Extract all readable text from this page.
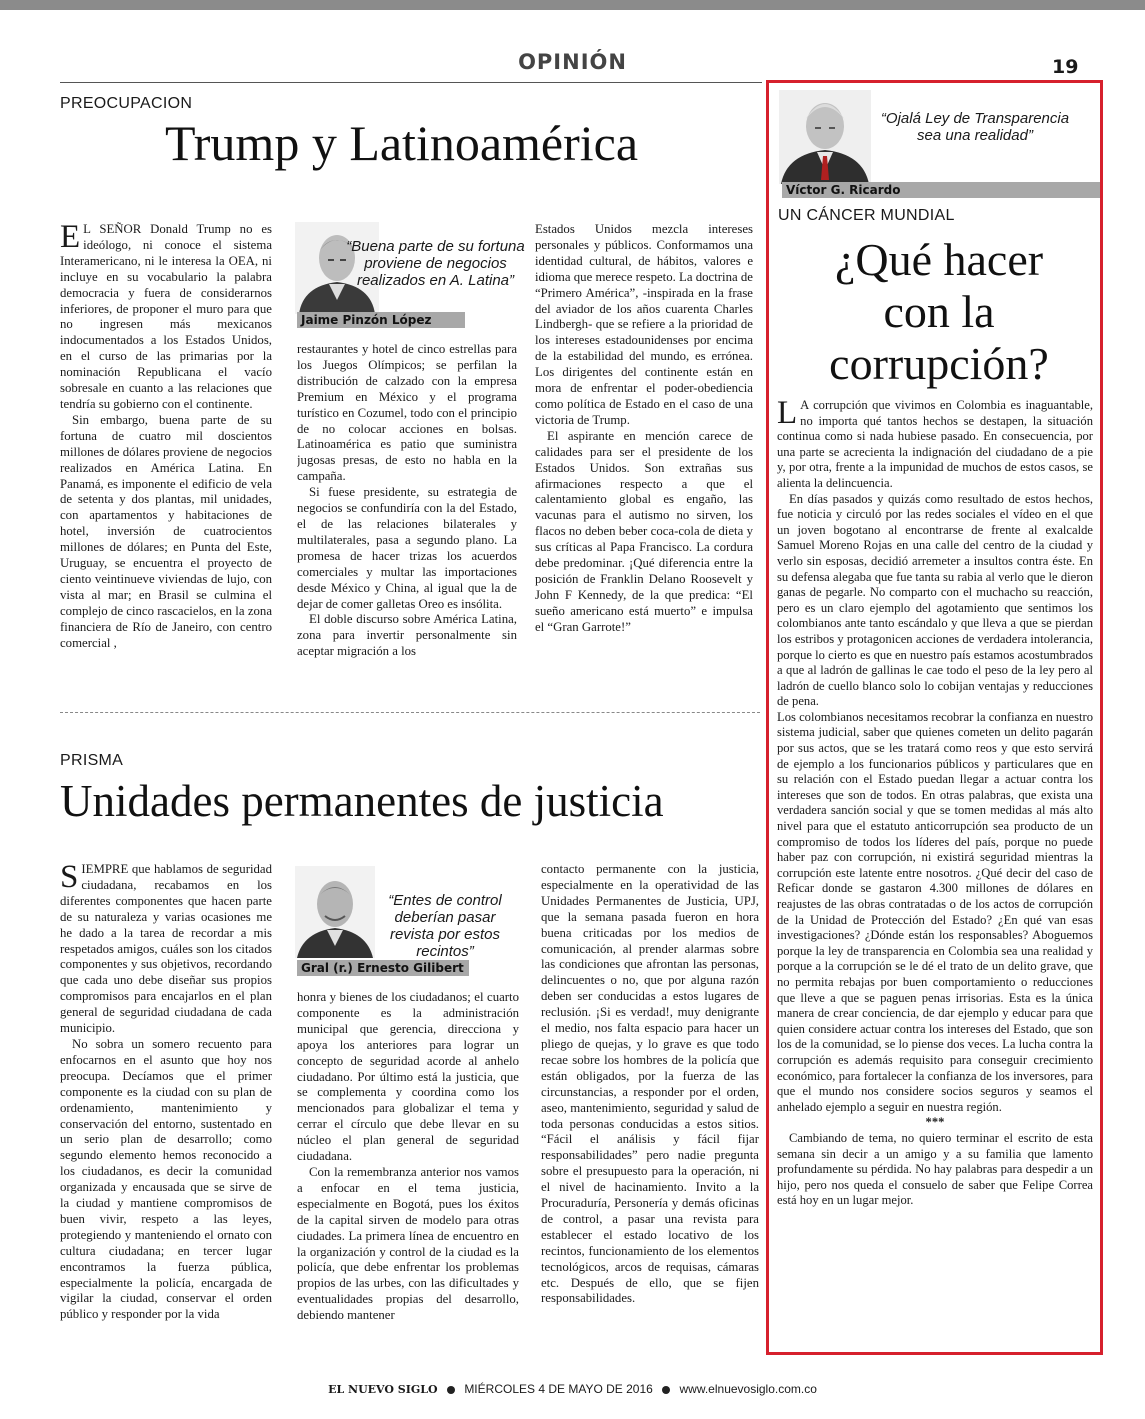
OPINIÓN	19
PREOCUPACION
Trump y Latinoamérica

E L SEÑOR Donald Trump no es ideólogo, ni conoce el sistema Interamericano, ni le interesa la OEA, ni incluye en su vocabulario la palabra democracia y fuera de considerarnos inferiores, de proponer el muro para que no ingresen más mexicanos indocumentados a los Estados Unidos, en el curso de las primarias por la nominación Republicana el vacío sobresale en cuanto a las relaciones que tendría su gobierno con el continente.

Sin embargo, buena parte de su fortuna de cuatro mil doscientos millones de dólares proviene de negocios realizados en América Latina. En Panamá, es imponente el edificio de vela de setenta y dos plantas, mil unidades, con apartamentos y habitaciones de hotel, inversión de cuatrocientos millones de dólares; en Punta del Este, Uruguay, se encuentra el proyecto de ciento veintinueve viviendas de lujo, con vista al mar; en Brasil se culmina el complejo de cinco rascacielos, en la zona financiera de Río de Janeiro, con centro comercial ,

Jaime Pinzón López
“Buena parte de su fortuna proviene de negocios realizados en A. Latina”

restaurantes y hotel de cinco estrellas para los Juegos Olímpicos; se perfilan la distribución de calzado con la empresa Premium en México y el programa turístico en Cozumel, todo con el principio de no colocar acciones en bolsas. Latinoamérica es patio que suministra jugosas presas, de esto no habla en la campaña.

Si fuese presidente, su estrategia de negocios se confundiría con la del Estado, el de las relaciones bilaterales y multilaterales, pasa a segundo plano. La promesa de hacer trizas los acuerdos comerciales y multar las importaciones desde México y China, al igual que la de dejar de comer galletas Oreo es insólita.

El doble discurso sobre América Latina, zona para invertir personalmente sin aceptar migración a los

Estados Unidos mezcla intereses personales y públicos. Conformamos una identidad cultural, de hábitos, valores e idioma que merece respeto. La doctrina de “Primero América”, -inspirada en la frase del aviador de los años cuarenta Charles Lindbergh- que se refiere a la prioridad de los intereses estadounidenses por encima de la estabilidad del mundo, es errónea. Los dirigentes del continente están en mora de enfrentar el poder-obediencia como política de Estado en el caso de una victoria de Trump.

El aspirante en mención carece de calidades para ser el presidente de los Estados Unidos. Son extrañas sus afirmaciones respecto a que el calentamiento global es engaño, las vacunas para el autismo no sirven, los flacos no deben beber coca-cola de dieta y sus críticas al Papa Francisco. La cordura debe predominar. ¡Qué diferencia entre la posición de Franklin Delano Roosevelt y John F Kennedy, de la que predica: “El sueño americano está muerto” e impulsa el “Gran Garrote!”

PRISMA
Unidades permanentes de justicia

SIEMPRE que hablamos de seguridad ciudadana, recabamos en los diferentes componentes que hacen parte de su naturaleza y varias ocasiones me he dado a la tarea de recordar a mis respetados amigos, cuáles son los citados componentes y sus objetivos, recordando que cada uno debe diseñar sus propios compromisos para encajarlos en el plan general de seguridad ciudadana de cada municipio.

No sobra un somero recuento para enfocarnos en el asunto que hoy nos preocupa. Decíamos que el primer componente es la ciudad con su plan de ordenamiento, mantenimiento y conservación del entorno, sustentado en un serio plan de desarrollo; como segundo elemento hemos reconocido a los ciudadanos, es decir la comunidad organizada y encausada que se sirve de la ciudad y mantiene compromisos de buen vivir, respeto a las leyes, protegiendo y manteniendo el ornato con cultura ciudadana; en tercer lugar encontramos la fuerza pública, especialmente la policía, encargada de vigilar la ciudad, conservar el orden público y responder por la vida

Gral (r.) Ernesto Gilibert
“Entes de control deberían pasar revista por estos recintos”

honra y bienes de los ciudadanos; el cuarto componente es la administración municipal que gerencia, direcciona y apoya los anteriores para lograr un concepto de seguridad acorde al anhelo ciudadano. Por último está la justicia, que se complementa y coordina como los mencionados para globalizar el tema y cerrar el círculo que debe llevar en su núcleo el plan general de seguridad ciudadana.

Con la remembranza anterior nos vamos a enfocar en el tema justicia, especialmente en Bogotá, pues los éxitos de la capital sirven de modelo para otras ciudades. La primera línea de encuentro en la organización y control de la ciudad es la policía, que debe enfrentar los problemas propios de las urbes, con las dificultades y eventualidades propias del desarrollo, debiendo mantener

contacto permanente con la justicia, especialmente en la operatividad de las Unidades Permanentes de Justicia, UPJ, que la semana pasada fueron en hora buena criticadas por los medios de comunicación, al prender alarmas sobre las condiciones que afrontan las personas, delincuentes o no, que por alguna razón deben ser conducidas a estos lugares de reclusión. ¡Si es verdad!, muy denigrante el medio, nos falta espacio para hacer un pliego de quejas, y lo grave es que todo recae sobre los hombres de la policía que están obligados, por la fuerza de las circunstancias, a responder por el orden, aseo, mantenimiento, seguridad y salud de toda personas conducidas a estos sitios. “Fácil el análisis y fácil fijar responsabilidades” pero nadie pregunta sobre el presupuesto para la operación, ni el nivel de hacinamiento. Invito a la Procuraduría, Personería y demás oficinas de control, a pasar una revista para establecer el estado locativo de los recintos, funcionamiento de los elementos tecnológicos, arcos de requisas, cámaras etc. Después de ello, que se fijen responsabilidades.

Víctor G. Ricardo
“Ojalá Ley de Transparencia sea una realidad”
UN CÁNCER MUNDIAL
¿Qué hacer
con la
corrupción?

L A corrupción que vivimos en Colombia es inaguantable, no importa qué tantos hechos se destapen, la situación continua como si nada hubiese pasado. En consecuencia, por una parte se acrecienta la indignación del ciudadano de a pie y, por otra, frente a la impunidad de muchos de estos casos, se alienta la delincuencia.

En días pasados y quizás como resultado de estos hechos, fue noticia y circuló por las redes sociales el vídeo en el que un joven bogotano al encontrarse de frente al exalcalde Samuel Moreno Rojas en una calle del centro de la ciudad y verlo sin esposas, decidió arremeter a insultos contra éste. En su defensa alegaba que fue tanta su rabia al verlo que le dieron ganas de pegarle. No comparto con el muchacho su reacción, pero es un claro ejemplo del agotamiento que sentimos los colombianos ante tanto escándalo y que lleva a que se pierdan los estribos y protagonicen acciones de verdadera intolerancia, porque lo cierto es que en nuestro país estamos acostumbrados a que al ladrón de gallinas le cae todo el peso de la ley pero al ladrón de cuello blanco solo lo cobijan ventajas y reducciones de pena.

Los colombianos necesitamos recobrar la confianza en nuestro sistema judicial, saber que quienes cometen un delito pagarán por sus actos, que se les tratará como reos y que esto servirá de ejemplo a los funcionarios públicos y particulares que en su relación con el Estado puedan llegar a actuar contra los intereses que son de todos. En otras palabras, que exista una verdadera sanción social y que se tomen medidas al más alto nivel para que el estatuto anticorrupción sea producto de un compromiso de todos los líderes del país, porque no puede haber paz con corrupción, ni existirá seguridad mientras la corrupción este latente entre nosotros. ¿Qué decir del caso de Reficar donde se gastaron 4.300 millones de dólares en reajustes de las obras contratadas o de los actos de corrupción de la Unidad de Protección del Estado? ¿En qué van esas investigaciones? ¿Dónde están los responsables? Aboguemos porque la ley de transparencia en Colombia sea una realidad y porque a la corrupción se le dé el trato de un delito grave, que no permita rebajas por buen comportamiento o reducciones que lleve a que se paguen penas irrisorias. Esta es la única manera de crear conciencia, de dar ejemplo y educar para que quien considere actuar contra los intereses del Estado, que son los de la comunidad, se lo piense dos veces. La lucha contra la corrupción es además requisito para conseguir crecimiento económico, para fortalecer la confianza de los inversores, para que el mundo nos considere socios seguros y seamos el anhelado ejemplo a seguir en nuestra región.

***

Cambiando de tema, no quiero terminar el escrito de esta semana sin decir a un amigo y a su familia que lamento profundamente su pérdida. No hay palabras para despedir a un hijo, pero nos queda el consuelo de saber que Felipe Correa está hoy en un lugar mejor.

EL NUEVO SIGLO MIÉRCOLES 4 DE MAYO DE 2016 www.elnuevosiglo.com.co
